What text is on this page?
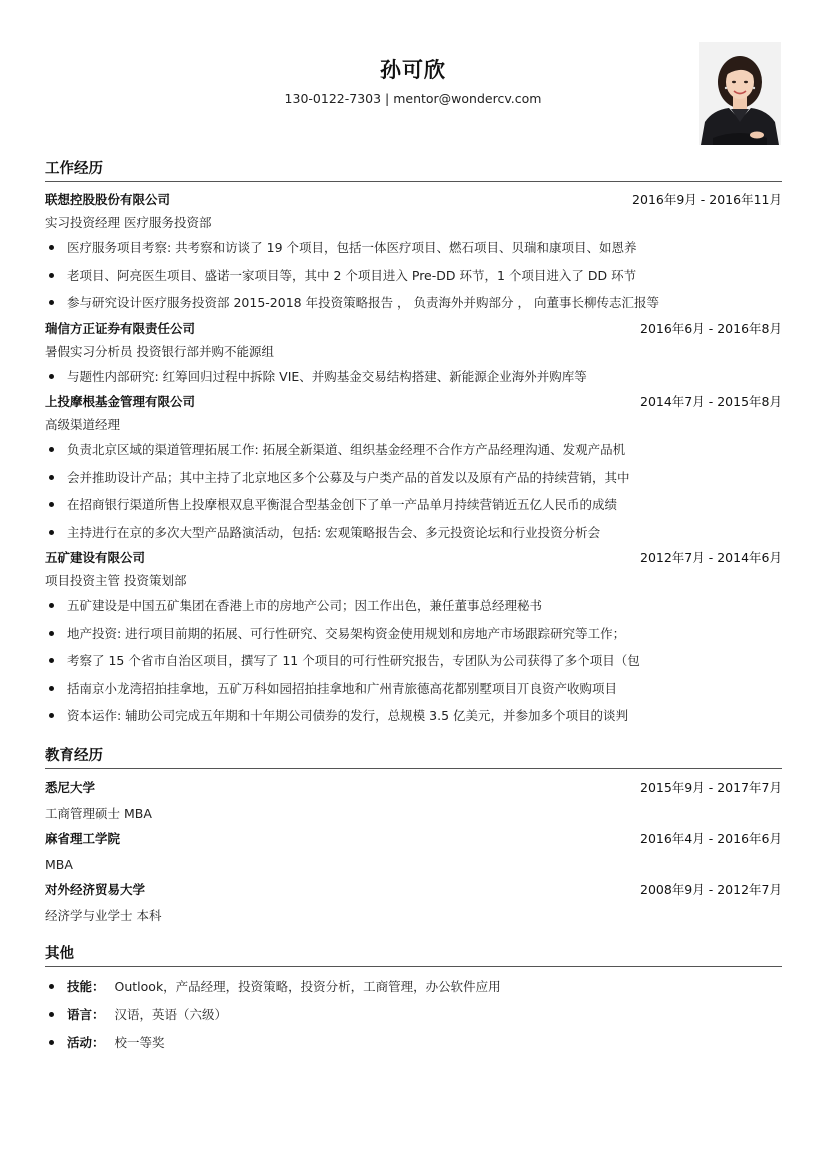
孙可欣
130-0122-7303 | mentor@wondercv.com
工作经历
联想控股股份有限公司	2016年9月 - 2016年11月
实习投资经理 医疗服务投资部
医疗服务项目考察: 共考察和访谈了 19 个项目，包括一体医疗项目、燃石项目、贝瑞和康项目、如恩养
老项目、阿亮医生项目、盛诺一家项目等，其中 2 个项目进入 Pre-DD 环节，1 个项目进入了 DD 环节
参与研究设计医疗服务投资部 2015-2018 年投资策略报告 ， 负责海外并购部分 ， 向董事长柳传志汇报等
瑞信方正证券有限责任公司	2016年6月 - 2016年8月
暑假实习分析员 投资银行部并购不能源组
与题性内部研究: 红筹回归过程中拆除 VIE、并购基金交易结构搭建、新能源企业海外并购库等
上投摩根基金管理有限公司	2014年7月 - 2015年8月
高级渠道经理
负责北京区域的渠道管理拓展工作: 拓展全新渠道、组织基金经理不合作方产品经理沟通、发观产品机
会并推助设计产品；其中主持了北京地区多个公募及与户类产品的首发以及原有产品的持续营销，其中
在招商银行渠道所售上投摩根双息平衡混合型基金创下了单一产品单月持续营销近五亿人民币的成绩
主持进行在京的多次大型产品路演活动，包括: 宏观策略报告会、多元投资论坛和行业投资分析会
五矿建设有限公司	2012年7月 - 2014年6月
项目投资主管 投资策划部
五矿建设是中国五矿集团在香港上市的房地产公司；因工作出色，兼任董事总经理秘书
地产投资: 进行项目前期的拓展、可行性研究、交易架构资金使用规划和房地产市场跟踪研究等工作；
考察了 15 个省市自治区项目，撰写了 11 个项目的可行性研究报告，专团队为公司获得了多个项目（包
括南京小龙湾招拍挂拿地，五矿万科如园招拍挂拿地和广州青旅德高花都别墅项目丌良资产收购项目
资本运作: 辅助公司完成五年期和十年期公司债券的发行，总规模 3.5 亿美元，并参加多个项目的谈判
教育经历
悉尼大学	2015年9月 - 2017年7月
工商管理硕士 MBA
麻省理工学院	2016年4月 - 2016年6月
MBA
对外经济贸易大学	2008年9月 - 2012年7月
经济学与业学士 本科
其他
技能： Outlook，产品经理，投资策略，投资分析，工商管理，办公软件应用
语言： 汉语，英语（六级）
活动： 校一等奖
